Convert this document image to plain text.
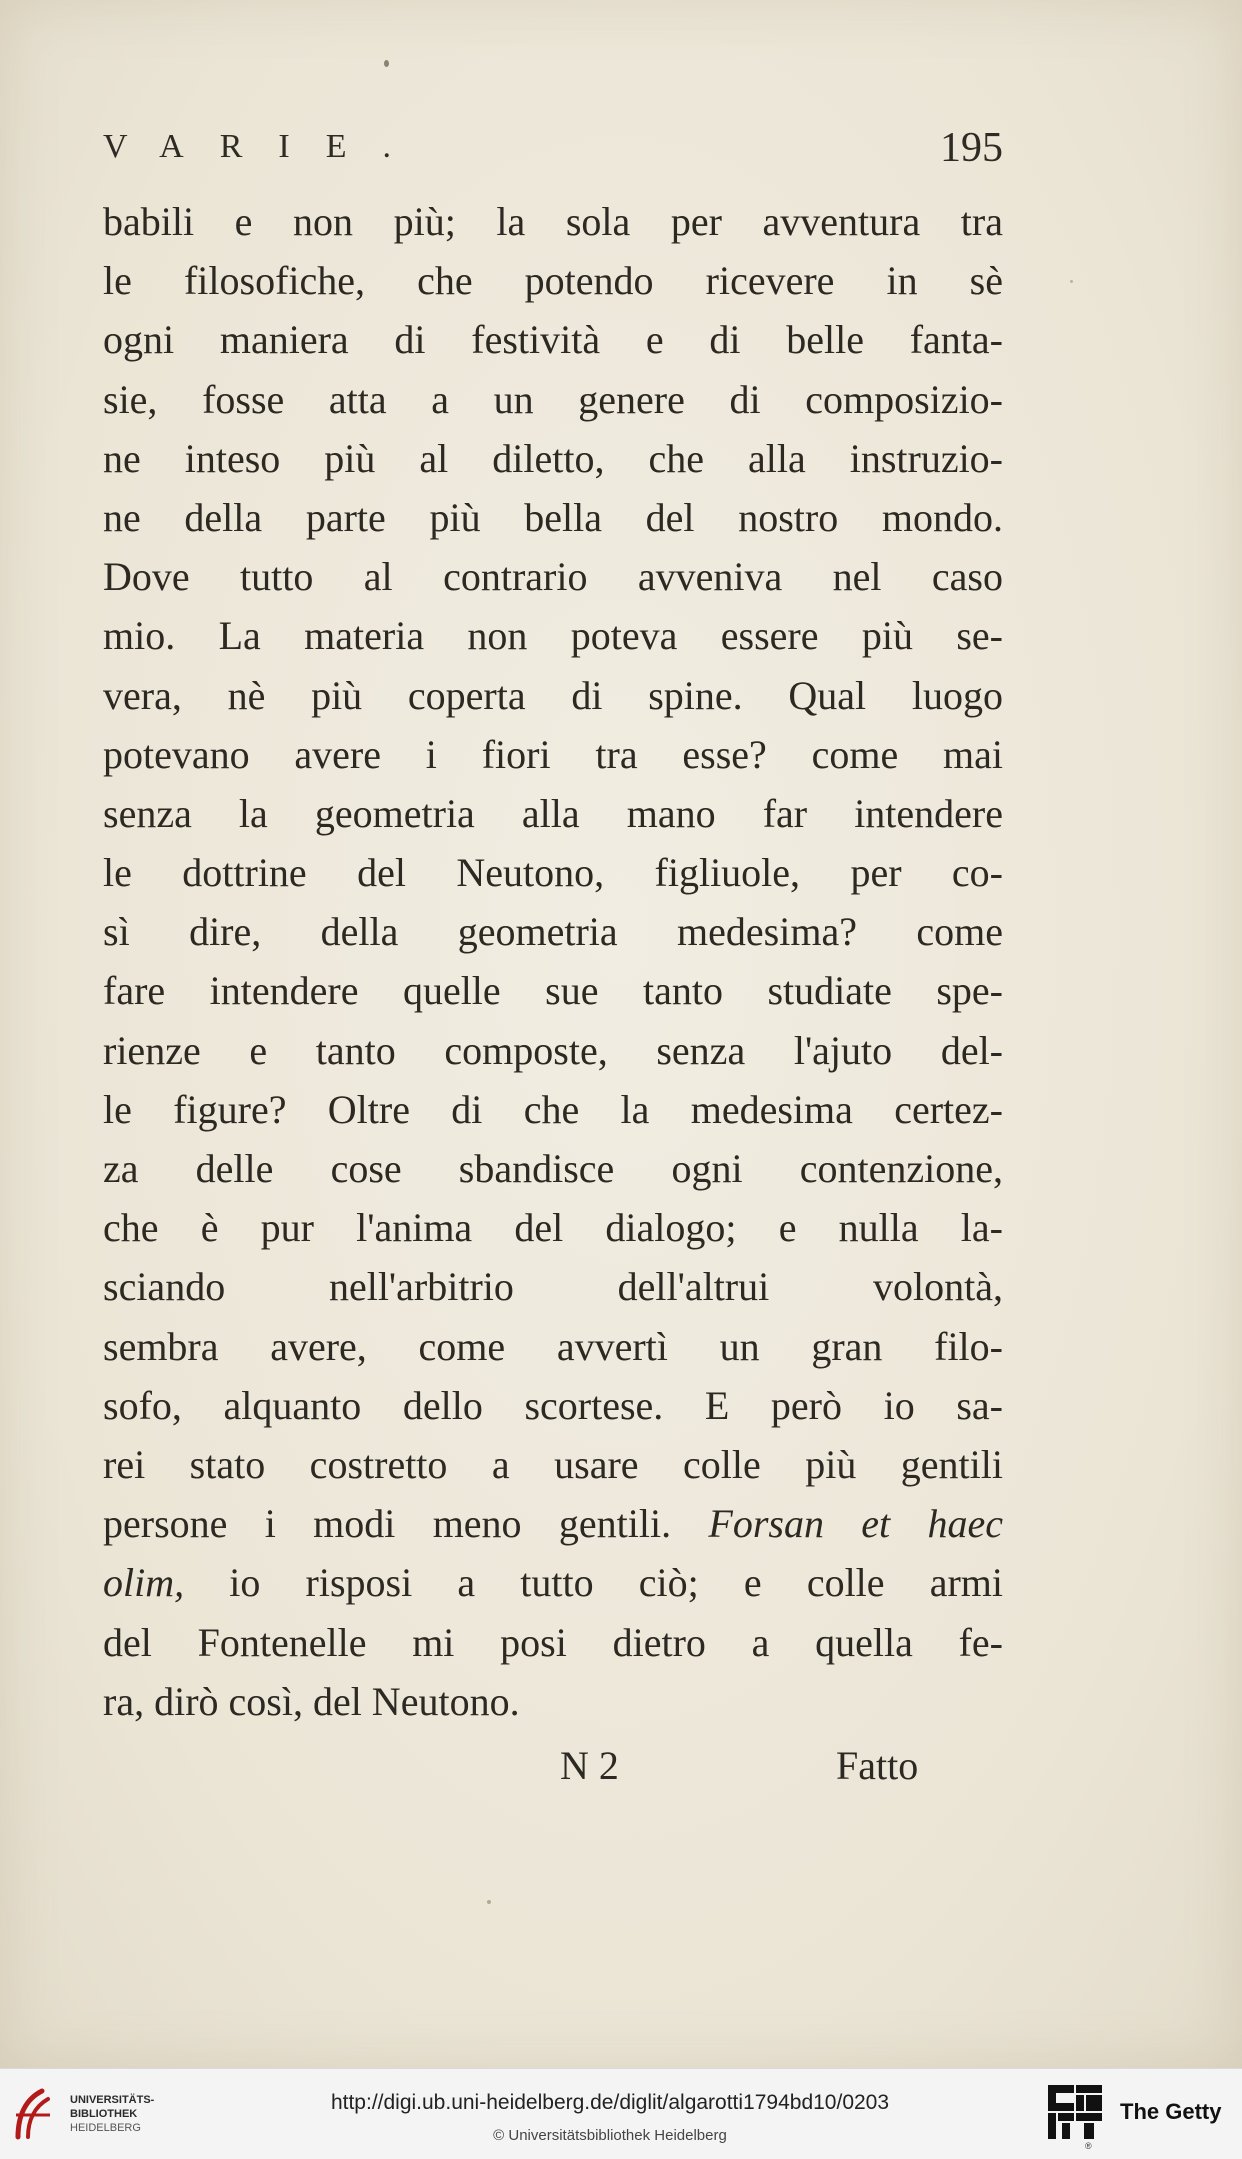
VARIE.	195
babili e non più; la sola per avventura tra
le filosofiche, che potendo ricevere in sè
ogni maniera di festività e di belle fanta-
sie, fosse atta a un genere di composizio-
ne inteso più al diletto, che alla instruzio-
ne della parte più bella del nostro mondo.
Dove tutto al contrario avveniva nel caso
mio. La materia non poteva essere più se-
vera, nè più coperta di spine. Qual luogo
potevano avere i fiori tra esse? come mai
senza la geometria alla mano far intendere
le dottrine del Neutono, figliuole, per co-
sì dire, della geometria medesima? come
fare intendere quelle sue tanto studiate spe-
rienze e tanto composte, senza l'ajuto del-
le figure? Oltre di che la medesima certez-
za delle cose sbandisce ogni contenzione,
che è pur l'anima del dialogo; e nulla la-
sciando nell'arbitrio dell'altrui volontà,
sembra avere, come avvertì un gran filo-
sofo, alquanto dello scortese. E però io sa-
rei stato costretto a usare colle più gentili
persone i modi meno gentili. Forsan et haec
olim, io risposi a tutto ciò; e colle armi
del Fontenelle mi posi dietro a quella fe-
ra, dirò così, del Neutono.
N 2	Fatto
UNIVERSITÄTS-
BIBLIOTHEK
HEIDELBERG
http://digi.ub.uni-heidelberg.de/diglit/algarotti1794bd10/0203
© Universitätsbibliothek Heidelberg
®
The Getty
